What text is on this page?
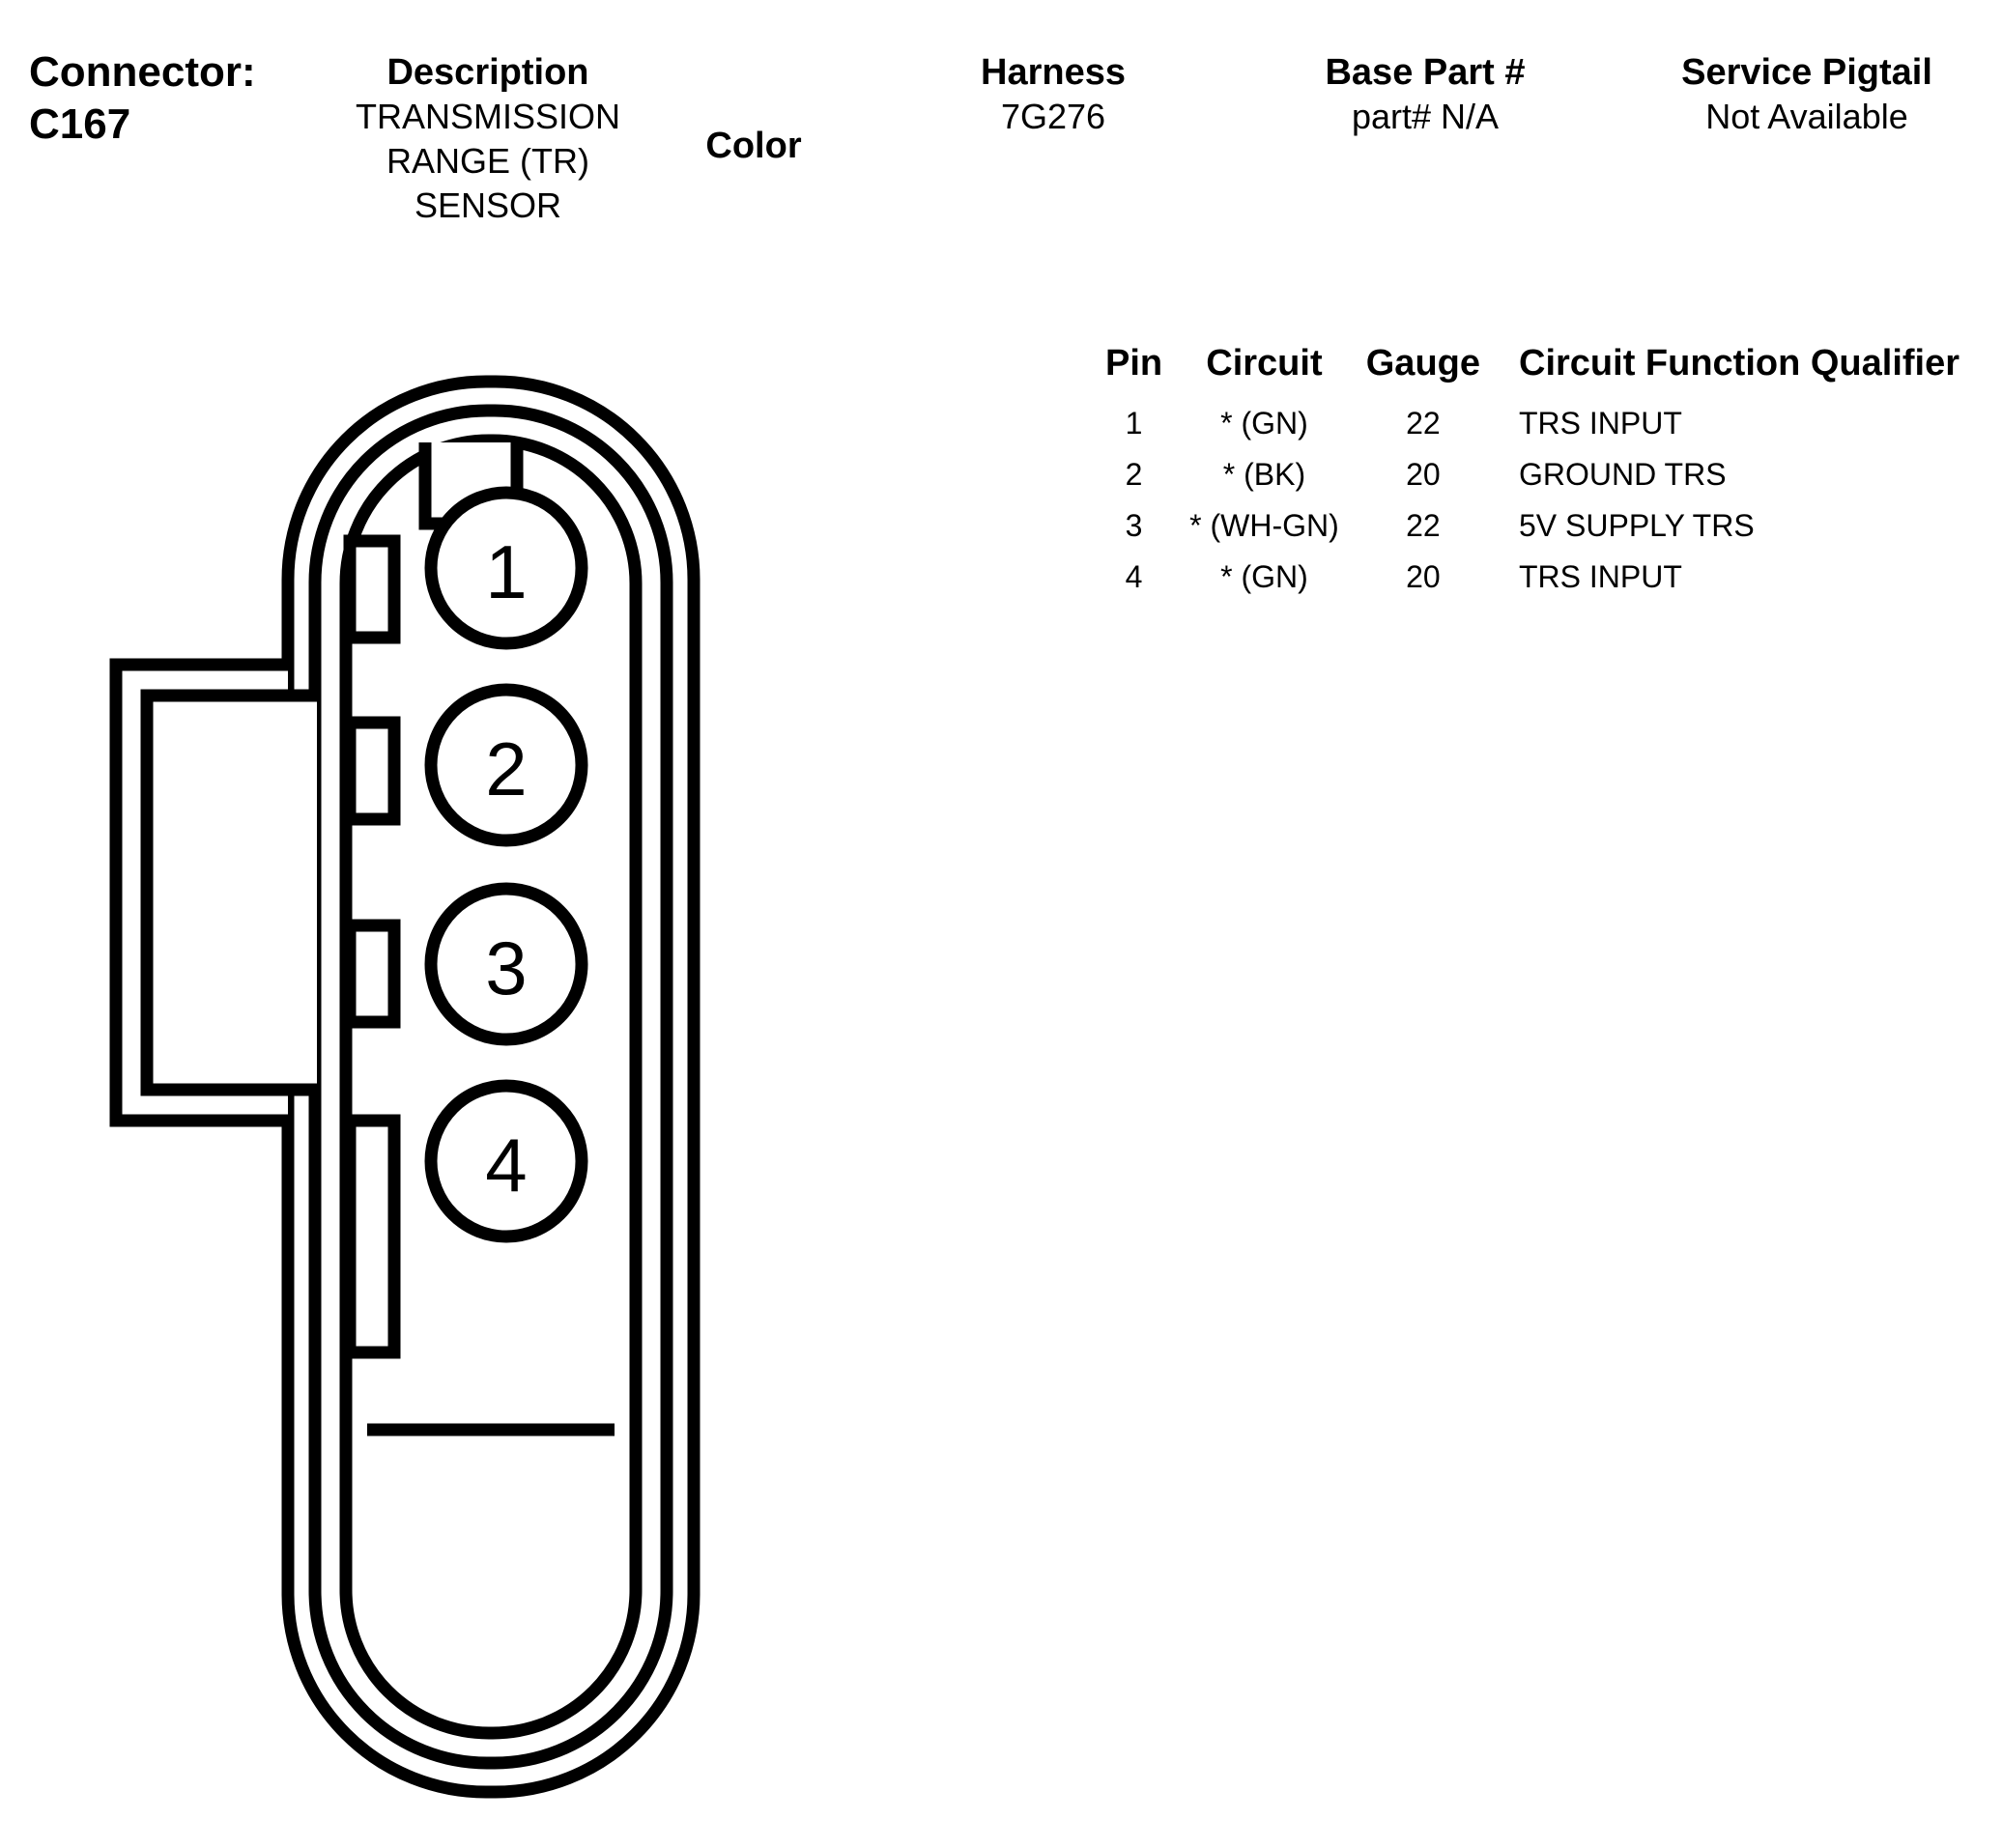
Connector:
C167
Description
TRANSMISSION RANGE (TR) SENSOR
Color
Harness
7G276
Base Part #
part# N/A
Service Pigtail
Not Available
Pin	Circuit	Gauge	Circuit Function Qualifier
1	* (GN)	22	TRS INPUT
2	* (BK)	20	GROUND TRS
3	* (WH-GN)	22	5V SUPPLY TRS
4	* (GN)	20	TRS INPUT
1
2
3
4
